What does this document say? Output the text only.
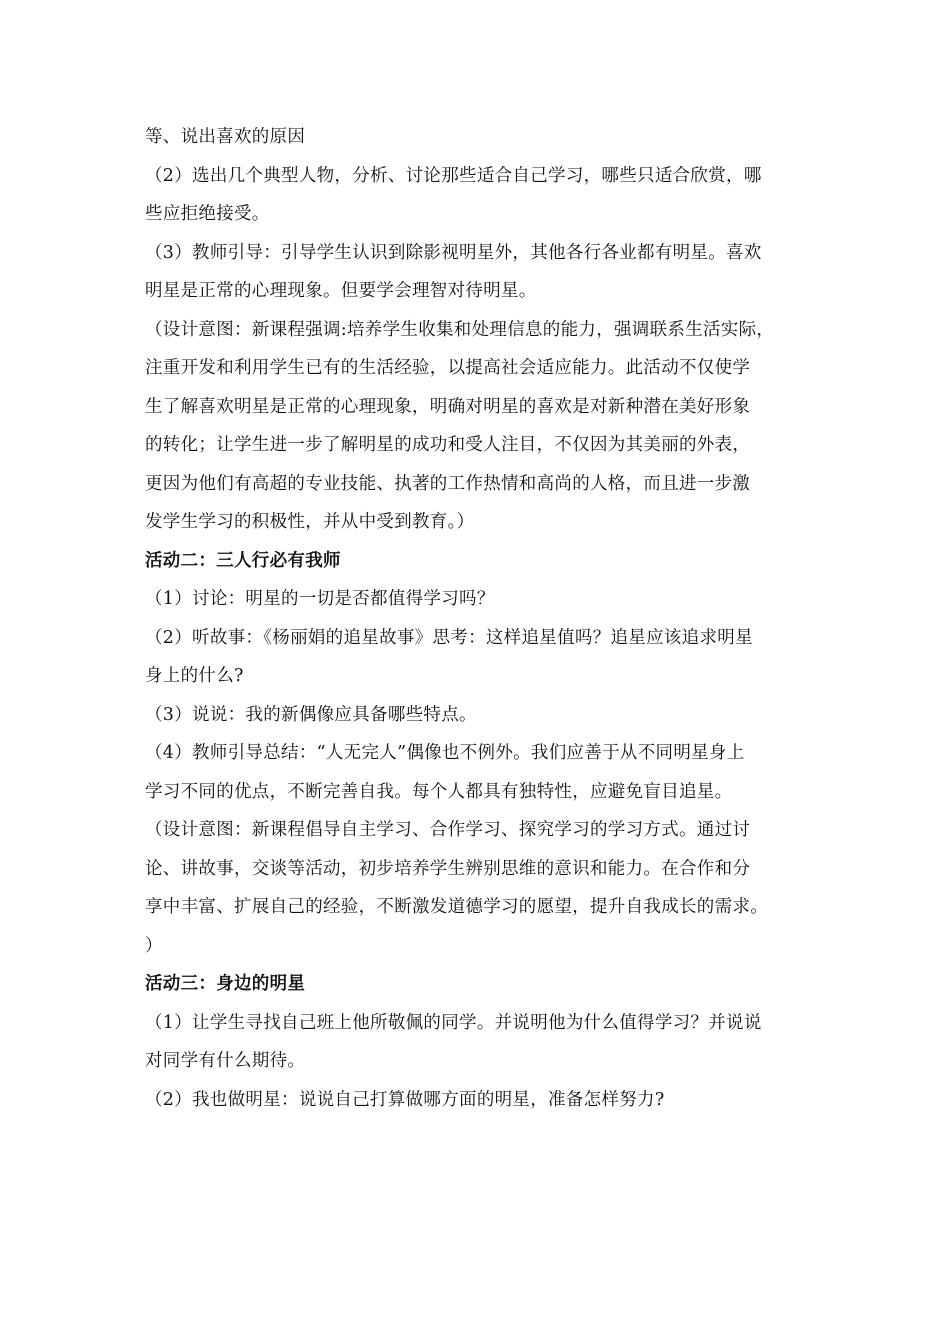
等、说出喜欢的原因
（2）选出几个典型人物，分析、讨论那些适合自己学习，哪些只适合欣赏，哪
些应拒绝接受。
（3）教师引导：引导学生认识到除影视明星外，其他各行各业都有明星。喜欢
明星是正常的心理现象。但要学会理智对待明星。
（设计意图：新课程强调:培养学生收集和处理信息的能力，强调联系生活实际，
注重开发和利用学生已有的生活经验，以提高社会适应能力。此活动不仅使学
生了解喜欢明星是正常的心理现象，明确对明星的喜欢是对新种潜在美好形象
的转化；让学生进一步了解明星的成功和受人注目，不仅因为其美丽的外表，
更因为他们有高超的专业技能、执著的工作热情和高尚的人格，而且进一步激
发学生学习的积极性，并从中受到教育。）
活动二：三人行必有我师
（1）讨论：明星的一切是否都值得学习吗？
（2）听故事：《杨丽娟的追星故事》思考：这样追星值吗？追星应该追求明星
身上的什么?
（3）说说：我的新偶像应具备哪些特点。
（4）教师引导总结：“人无完人”偶像也不例外。我们应善于从不同明星身上
学习不同的优点，不断完善自我。每个人都具有独特性，应避免盲目追星。
（设计意图：新课程倡导自主学习、合作学习、探究学习的学习方式。通过讨
论、讲故事，交谈等活动，初步培养学生辨别思维的意识和能力。在合作和分
享中丰富、扩展自己的经验，不断激发道德学习的愿望，提升自我成长的需求。
）
活动三：身边的明星
（1）让学生寻找自己班上他所敬佩的同学。并说明他为什么值得学习？并说说
对同学有什么期待。
（2）我也做明星：说说自己打算做哪方面的明星，准备怎样努力?
